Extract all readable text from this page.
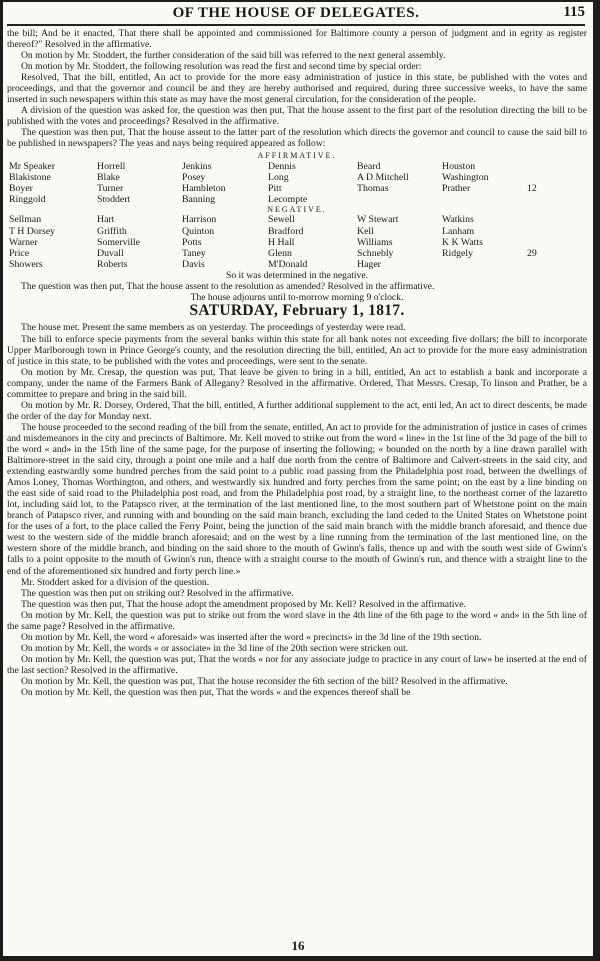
OF THE HOUSE OF DELEGATES.	115

the bill; And be it enacted, That there shall be appointed and commissioned for Baltimore county a person of judgment and in egrity as register thereof?" Resolved in the affirmative.

On motion by Mr. Stoddert, the further consideration of the said bill was referred to the next general assembly.

On motion by Mr. Stoddert, the following resolution was read the first and second time by special order:

Resolved, That the bill, entitled, An act to provide for the more easy administration of justice in this state, be published with the votes and proceedings, and that the governor and council be and they are hereby authorised and required, during three successive weeks, to have the same inserted in such newspapers within this state as may have the most general circulation, for the consideration of the people.

A division of the question was asked for, the question was then put, That the house assent to the first part of the resolution directing the bill to be published with the votes and proceedings? Resolved in the affirmative.

The question was then put, That the house assent to the latter part of the resolution which directs the governor and council to cause the said bill to be published in newspapers? The yeas and nays being required appeared as follow:

AFFIRMATIVE.
Mr Speaker	Horrell	Jenkins	Dennis	Beard	Houston	
Blakistone	Blake	Posey	Long	A D Mitchell	Washington	
Boyer	Turner	Hambleton	Pitt	Thomas	Prather	12
Ringgold	Stoddert	Banning	Lecompte			
NEGATIVE.
Sellman	Hart	Harrison	Sewell	W Stewart	Watkins	
T H Dorsey	Griffith	Quinton	Bradford	Kell	Lanham	
Warner	Somerville	Potts	H Hall	Williams	K K Watts	
Price	Duvall	Taney	Glenn	Schnebly	Ridgely	29
Showers	Roberts	Davis	M'Donald	Hager		

So it was determined in the negative.

The question was then put, That the house assent to the resolution as amended? Resolved in the affirmative.

The house adjourns until to-morrow morning 9 o'clock.

SATURDAY, February 1, 1817.

The house met. Present the same members as on yesterday. The proceedings of yesterday were read.

The bill to enforce specie payments from the several banks within this state for all bank notes not exceeding five dollars; the bill to incorporate Upper Marlborough town in Prince George's county, and the resolution directing the bill, entitled, An act to provide for the more easy administration of justice in this state, to be published with the votes and proceedings, were sent to the senate.

On motion by Mr. Cresap, the question was put, That leave be given to bring in a bill, entitled, An act to establish a bank and incorporate a company, under the name of the Farmers Bank of Allegany? Resolved in the affirmative. Ordered, That Messrs. Cresap, To linson and Prather, be a committee to prepare and bring in the said bill.

On motion by Mr. R. Dorsey, Ordered, That the bill, entitled, A further additional supplement to the act, enti led, An act to direct descents, be made the order of the day for Monday next.

The house proceeded to the second reading of the bill from the senate, entitled, An act to provide for the administration of justice in cases of crimes and misdemeanors in the city and precincts of Baltimore. Mr. Kell moved to strike out from the word « line» in the 1st line of the 3d page of the bill to the word « and» in the 15th line of the same page, for the purpose of inserting the following; « bounded on the north by a line drawn parallel with Baltimore-street in the said city, through a point one mile and a half due north from the centre of Baltimore and Calvert-streets in the said city, and extending eastwardly some hundred perches from the said point to a public road passing from the Philadelphia post road, between the dwellings of Amos Loney, Thomas Worthington, and others, and westwardly six hundred and forty perches from the same point; on the east by a line binding on the east side of said road to the Philadelphia post road, and from the Philadelphia post road, by a straight line, to the northeast corner of the lazaretto lot, including said lot, to the Patapsco river, at the termination of the last mentioned line, to the most southern part of Whetstone point on the main branch of Patapsco river, and running with and bounding on the said main branch, excluding the land ceded to the United States on Whetstone point for the uses of a fort, to the place called the Ferry Point, being the junction of the said main branch with the middle branch aforesaid, and thence due west to the western side of the middle branch aforesaid; and on the west by a line running from the termination of the last mentioned line, on the western shore of the middle branch, and binding on the said shore to the mouth of Gwinn's falls, thence up and with the south west side of Gwinn's falls to a point opposite to the mouth of Gwinn's run, thence with a straight course to the mouth of Gwinn's run, and thence with a straight line to the end of the aforementioned six hundred and forty perch line.»

Mr. Stoddert asked for a division of the question.

The question was then put on striking out? Resolved in the affirmative.

The question was then put, That the house adopt the amendment proposed by Mr. Kell? Resolved in the affirmative.

On motion by Mr. Kell, the question was put to strike out from the word slave in the 4th line of the 6th page to the word « and» in the 5th line of the same page? Resolved in the affirmative.

On motion by Mr. Kell, the word « aforesaid» was inserted after the word « precincts» in the 3d line of the 19th section.

On motion by Mr. Kell, the words « or associate» in the 3d line of the 20th section were stricken out.

On motion by Mr. Kell, the question was put, That the words « nor for any associate judge to practice in any court of law» be inserted at the end of the last section? Resolved in the affirmative.

On motion by Mr. Kell, the question was put, That the house reconsider the 6th section of the bill? Resolved in the affirmative.

On motion by Mr. Kell, the question was then put, That the words « and the expences thereof shall be

16
